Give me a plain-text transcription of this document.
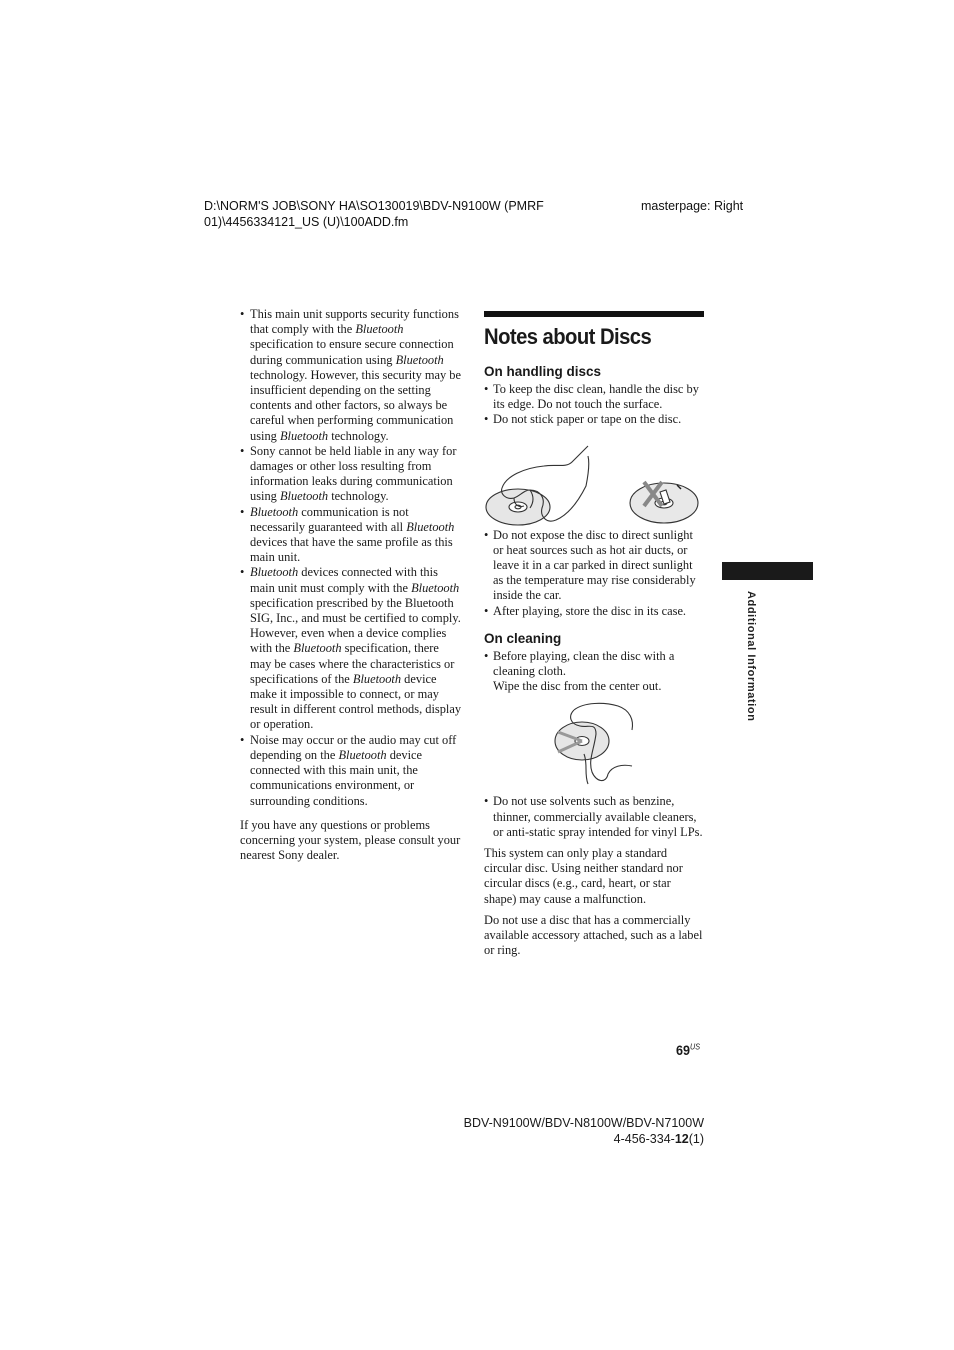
D:\NORM'S JOB\SONY HA\SO130019\BDV-N9100W (PMRF 01)\4456334121_US (U)\100ADD.fm
masterpage: Right
• This main unit supports security functions that comply with the Bluetooth specification to ensure secure connection during communication using Bluetooth technology. However, this security may be insufficient depending on the setting contents and other factors, so always be careful when performing communication using Bluetooth technology.
• Sony cannot be held liable in any way for damages or other loss resulting from information leaks during communication using Bluetooth technology.
• Bluetooth communication is not necessarily guaranteed with all Bluetooth devices that have the same profile as this main unit.
• Bluetooth devices connected with this main unit must comply with the Bluetooth specification prescribed by the Bluetooth SIG, Inc., and must be certified to comply. However, even when a device complies with the Bluetooth specification, there may be cases where the characteristics or specifications of the Bluetooth device make it impossible to connect, or may result in different control methods, display or operation.
• Noise may occur or the audio may cut off depending on the Bluetooth device connected with this main unit, the communications environment, or surrounding conditions.

If you have any questions or problems concerning your system, please consult your nearest Sony dealer.

Notes about Discs
On handling discs
• To keep the disc clean, handle the disc by its edge. Do not touch the surface.
• Do not stick paper or tape on the disc.
• Do not expose the disc to direct sunlight or heat sources such as hot air ducts, or leave it in a car parked in direct sunlight as the temperature may rise considerably inside the car.
• After playing, store the disc in its case.
On cleaning
• Before playing, clean the disc with a cleaning cloth.
Wipe the disc from the center out.
• Do not use solvents such as benzine, thinner, commercially available cleaners, or anti-static spray intended for vinyl LPs.

This system can only play a standard circular disc. Using neither standard nor circular discs (e.g., card, heart, or star shape) may cause a malfunction.

Do not use a disc that has a commercially available accessory attached, such as a label or ring.

Additional Information
$69^{US}$
BDV-N9100W/BDV-N8100W/BDV-N7100W
4-456-334-12(1)
